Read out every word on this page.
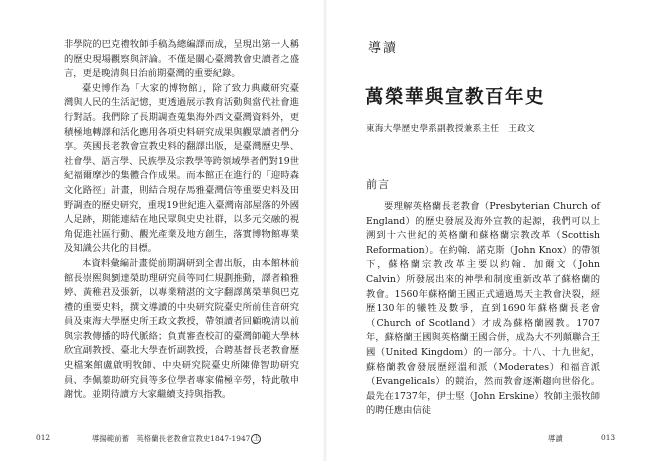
非學院的巴克禮牧師手稿為總編譯而成，呈現出第一人稱的歷史現場觀察與評論。不僅是關心臺灣教會史讀者之盛言，更是晚清與日治前期臺灣的重要紀錄。

臺史博作為「大家的博物館」，除了致力典藏研究臺灣與人民的生活記憶，更透過展示教育活動與當代社會進行對話。我們除了長期調查蒐集海外西文臺灣資料外，更積極地轉譯和活化應用各項史料研究成果與觀眾讀者們分享。英國長老教會宣教史料的翻譯出版，是臺灣歷史學、社會學、語言學、民族學及宗教學等跨領域學者們對19世紀福爾摩沙的集體合作成果。而本館正在進行的「迎時森文化路徑」計畫，則結合現存馬雅臺灣信等重要史料及田野調查的歷史研究，重現19世紀進入臺灣南部屋落的外國人足跡，期能連結在地民眾與史史社群，以多元交融的視角促進社區行動、觀光產業及地方創生，落實博物館專業及知識公共化的目標。

本資料彙編計畫從前期調研到全書出版，由本館林前館長崇熙與劉達榮助理研究員等同仁規劃推動，譯者賴雅婷、黃稚君及張新，以專業精湛的文字翻譯萬榮華與巴克禮的重要史料，撰文導讀的中央研究院臺史所前佳音研究員及東海大學歷史所王政文教授，帶領讀者回顧晚清以前與宗教傳播的時代脈絡；負責審查校訂的臺灣師範大學林欣宜副教授、臺北大學查忻副教授，合聘基督長老教會歷史檔案館盧啟明牧師、中央研究院臺史所陳偉智助研究員、李佩蓁助研究員等多位學者專家備極辛勞，特此敬申謝忱。並期待讀方大家繼續支持與指教。

012	導揚範前蓄　英格蘭長老教會宣教史1847-1947 上
導讀
萬榮華與宣教百年史
東海大學歷史學系副教授兼系主任　王政文
前言

要理解英格蘭長老教會（Presbyterian Church of England）的歷史發展及海外宣教的起源，我們可以上溯到十六世紀的英格蘭和蘇格蘭宗教改革（Scottish Reformation）。在約翰．諾克斯（John Knox）的帶領下，蘇格蘭宗教改革主要以約翰．加爾文（John Calvin）所發展出來的神學和制度重新改革了蘇格蘭的教會。1560年蘇格蘭王國正式通過馬天主教會決裂，經歷130年的犧牲及數爭，直到1690年蘇格蘭長老會（Church of Scotland）才成為蘇格蘭國教。1707年，蘇格蘭王國與英格蘭王國合併，成為大不列顛聯合王國（United Kingdom）的一部分。十八、十九世紀，蘇格蘭教會發展歷經溫和派（Moderates）和福音派（Evangelicals）的競治，然而教會逐漸趨向世俗化。最先在1737年，伊士堅（John Erskine）牧師主張牧師的聘任應由信徒

導讀	013
